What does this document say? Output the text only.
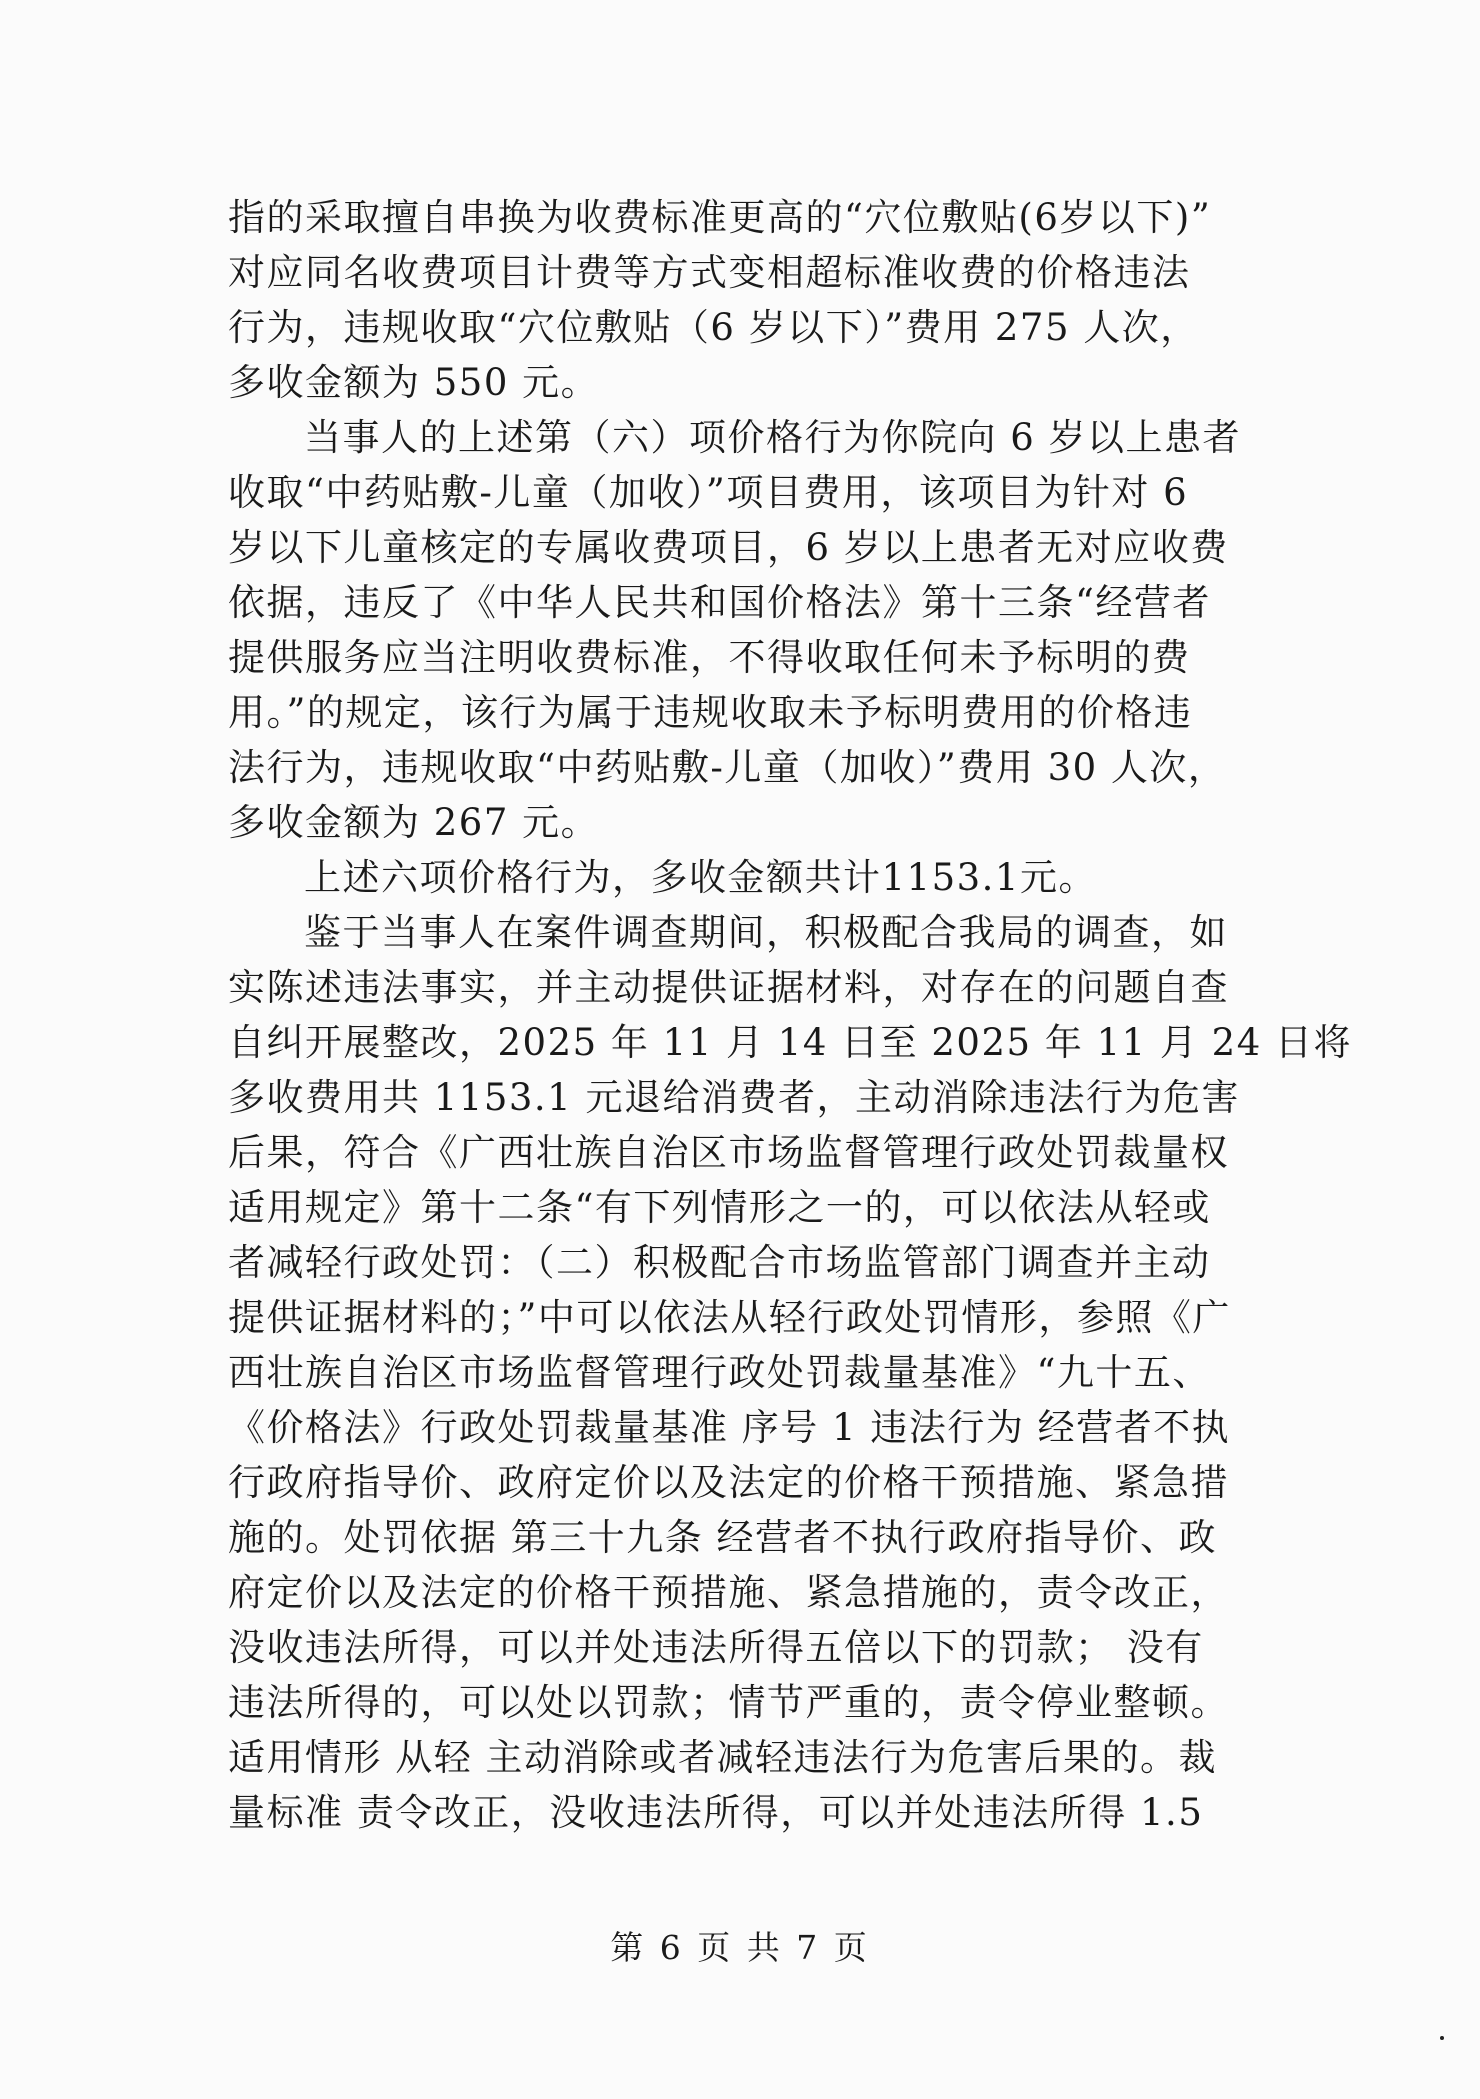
指的采取擅自串换为收费标准更高的“穴位敷贴(6岁以下)”
对应同名收费项目计费等方式变相超标准收费的价格违法
行为，违规收取“穴位敷贴（6 岁以下）”费用 275 人次，
多收金额为 550 元。
当事人的上述第（六）项价格行为你院向 6 岁以上患者
收取“中药贴敷-儿童（加收）”项目费用，该项目为针对 6
岁以下儿童核定的专属收费项目，6 岁以上患者无对应收费
依据，违反了《中华人民共和国价格法》第十三条“经营者
提供服务应当注明收费标准，不得收取任何未予标明的费
用。”的规定，该行为属于违规收取未予标明费用的价格违
法行为，违规收取“中药贴敷-儿童（加收）”费用 30 人次，
多收金额为 267 元。
上述六项价格行为，多收金额共计1153.1元。
鉴于当事人在案件调查期间，积极配合我局的调查，如
实陈述违法事实，并主动提供证据材料，对存在的问题自查
自纠开展整改，2025 年 11 月 14 日至 2025 年 11 月 24 日将
多收费用共 1153.1 元退给消费者，主动消除违法行为危害
后果，符合《广西壮族自治区市场监督管理行政处罚裁量权
适用规定》第十二条“有下列情形之一的，可以依法从轻或
者减轻行政处罚：（二）积极配合市场监管部门调查并主动
提供证据材料的；”中可以依法从轻行政处罚情形，参照《广
西壮族自治区市场监督管理行政处罚裁量基准》“九十五、
《价格法》行政处罚裁量基准 序号 1 违法行为 经营者不执
行政府指导价、政府定价以及法定的价格干预措施、紧急措
施的。处罚依据 第三十九条 经营者不执行政府指导价、政
府定价以及法定的价格干预措施、紧急措施的，责令改正，
没收违法所得，可以并处违法所得五倍以下的罚款； 没有
违法所得的，可以处以罚款；情节严重的，责令停业整顿。
适用情形 从轻 主动消除或者减轻违法行为危害后果的。裁
量标准 责令改正，没收违法所得，可以并处违法所得 1.5
第 6 页 共 7 页
